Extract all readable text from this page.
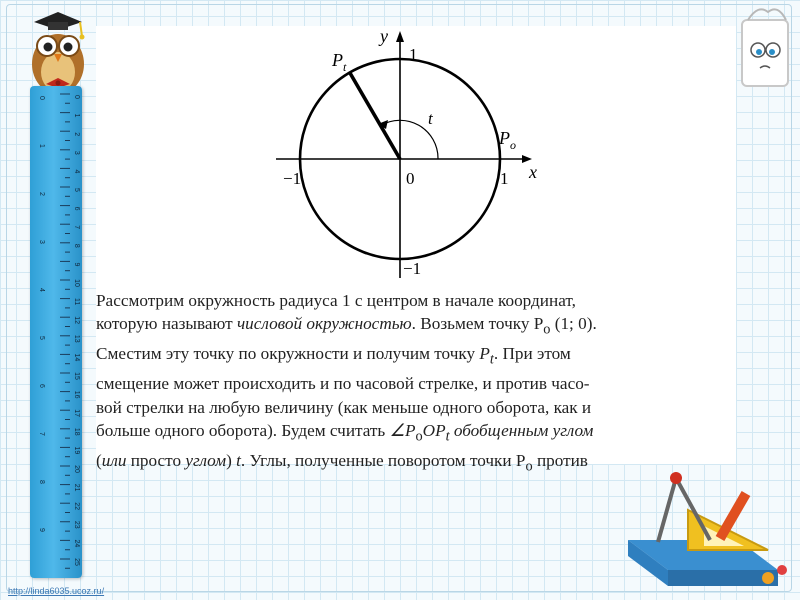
0
1
2
3
4
5
6
7
8
9
10
11
12
13
14
15
16
17
18
19
20
21
22
23
24
25
0
1
2
3
4
5
6
7
8
9
y
1
−1	0	1 x
−1
t
$P_t$
$P_o$
Рассмотрим окружность радиуса 1 с центром в начале координат,
которую называют числовой окружностью. Возьмем точку $P_о$ (1; 0).
Сместим эту точку по окружности и получим точку $P_t$. При этом
смещение может происходить и по часовой стрелке, и против часо-
вой стрелки на любую величину (как меньше одного оборота, как и
больше одного оборота). Будем считать $\angle P_оOP_t$ обобщенным углом
(или просто углом) t. Углы, полученные поворотом точки $P_о$ против
http://linda6035.ucoz.ru/
